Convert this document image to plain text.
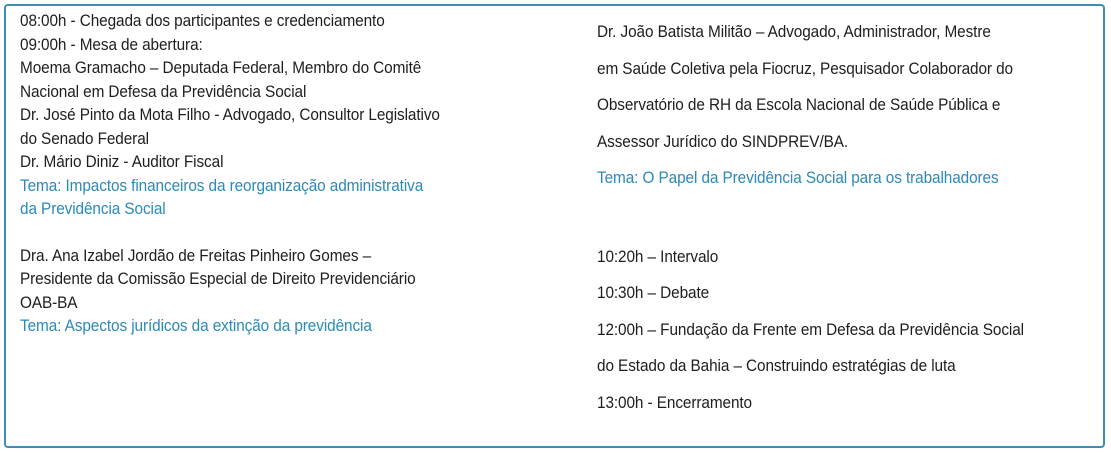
08:00h - Chegada dos participantes e credenciamento
09:00h - Mesa de abertura:
Moema Gramacho – Deputada Federal, Membro do Comitê
Nacional em Defesa da Previdência Social
Dr. José Pinto da Mota Filho - Advogado, Consultor Legislativo
do Senado Federal
Dr. Mário Diniz - Auditor Fiscal
Tema: Impactos financeiros da reorganização administrativa
da Previdência Social
Dra. Ana Izabel Jordão de Freitas Pinheiro Gomes –
Presidente da Comissão Especial de Direito Previdenciário
OAB-BA
Tema: Aspectos jurídicos da extinção da previdência
Dr. João Batista Militão – Advogado, Administrador, Mestre
em Saúde Coletiva pela Fiocruz, Pesquisador Colaborador do
Observatório de RH da Escola Nacional de Saúde Pública e
Assessor Jurídico do SINDPREV/BA.
Tema: O Papel da Previdência Social para os trabalhadores
10:20h – Intervalo
10:30h – Debate
12:00h – Fundação da Frente em Defesa da Previdência Social
do Estado da Bahia – Construindo estratégias de luta
13:00h - Encerramento
